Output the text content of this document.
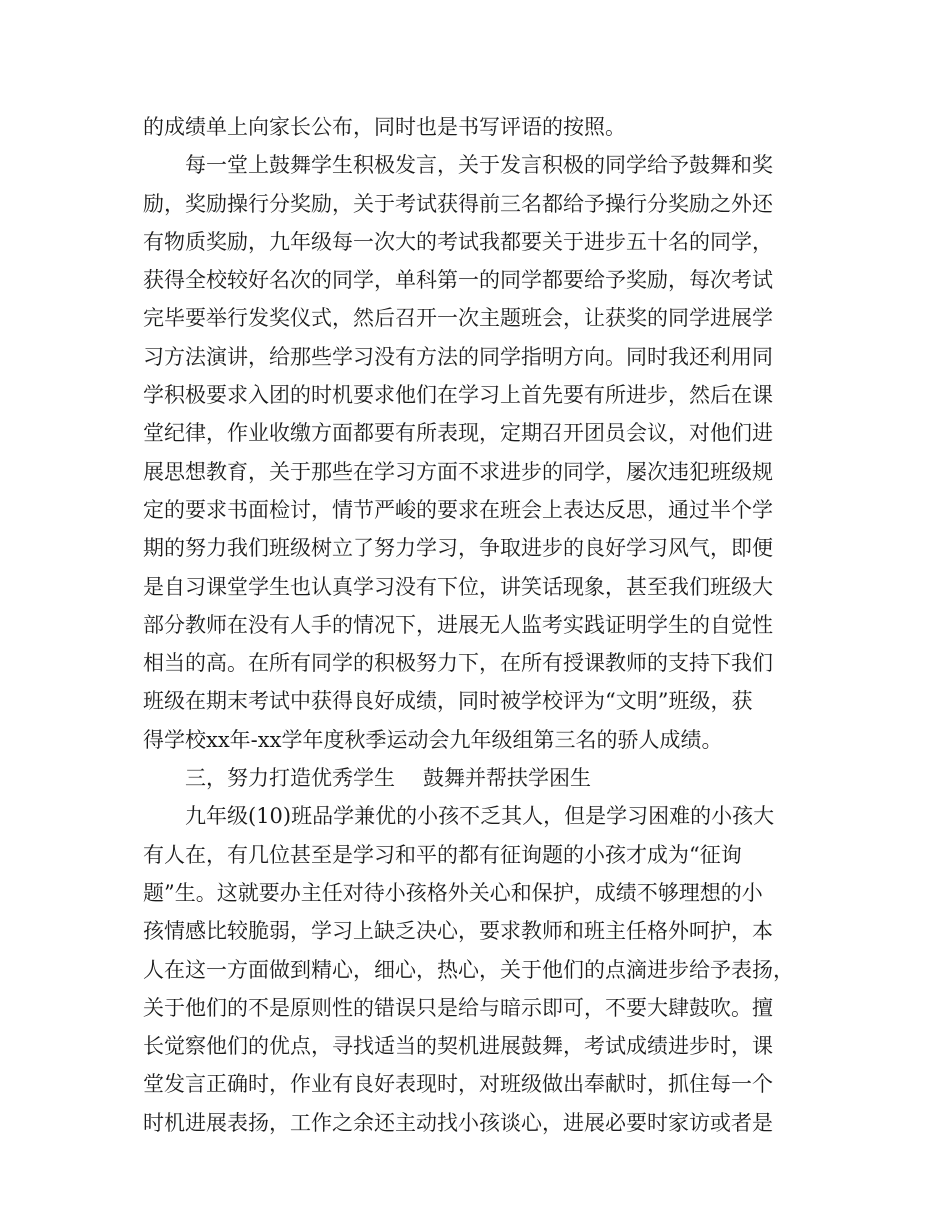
的成绩单上向家长公布，同时也是书写评语的按照。
　　每一堂上鼓舞学生积极发言，关于发言积极的同学给予鼓舞和奖
励，奖励操行分奖励，关于考试获得前三名都给予操行分奖励之外还
有物质奖励，九年级每一次大的考试我都要关于进步五十名的同学，
获得全校较好名次的同学，单科第一的同学都要给予奖励，每次考试
完毕要举行发奖仪式，然后召开一次主题班会，让获奖的同学进展学
习方法演讲，给那些学习没有方法的同学指明方向。同时我还利用同
学积极要求入团的时机要求他们在学习上首先要有所进步，然后在课
堂纪律，作业收缴方面都要有所表现，定期召开团员会议，对他们进
展思想教育，关于那些在学习方面不求进步的同学，屡次违犯班级规
定的要求书面检讨，情节严峻的要求在班会上表达反思，通过半个学
期的努力我们班级树立了努力学习，争取进步的良好学习风气，即便
是自习课堂学生也认真学习没有下位，讲笑话现象，甚至我们班级大
部分教师在没有人手的情况下，进展无人监考实践证明学生的自觉性
相当的高。在所有同学的积极努力下，在所有授课教师的支持下我们
班级在期末考试中获得良好成绩，同时被学校评为“文明”班级，获
得学校xx年-xx学年度秋季运动会九年级组第三名的骄人成绩。
　　三，努力打造优秀学生 鼓舞并帮扶学困生
　　九年级(10)班品学兼优的小孩不乏其人，但是学习困难的小孩大
有人在，有几位甚至是学习和平的都有征询题的小孩才成为“征询
题”生。这就要办主任对待小孩格外关心和保护，成绩不够理想的小
孩情感比较脆弱，学习上缺乏决心，要求教师和班主任格外呵护，本
人在这一方面做到精心，细心，热心，关于他们的点滴进步给予表扬，
关于他们的不是原则性的错误只是给与暗示即可，不要大肆鼓吹。擅
长觉察他们的优点，寻找适当的契机进展鼓舞，考试成绩进步时，课
堂发言正确时，作业有良好表现时，对班级做出奉献时，抓住每一个
时机进展表扬，工作之余还主动找小孩谈心，进展必要时家访或者是
